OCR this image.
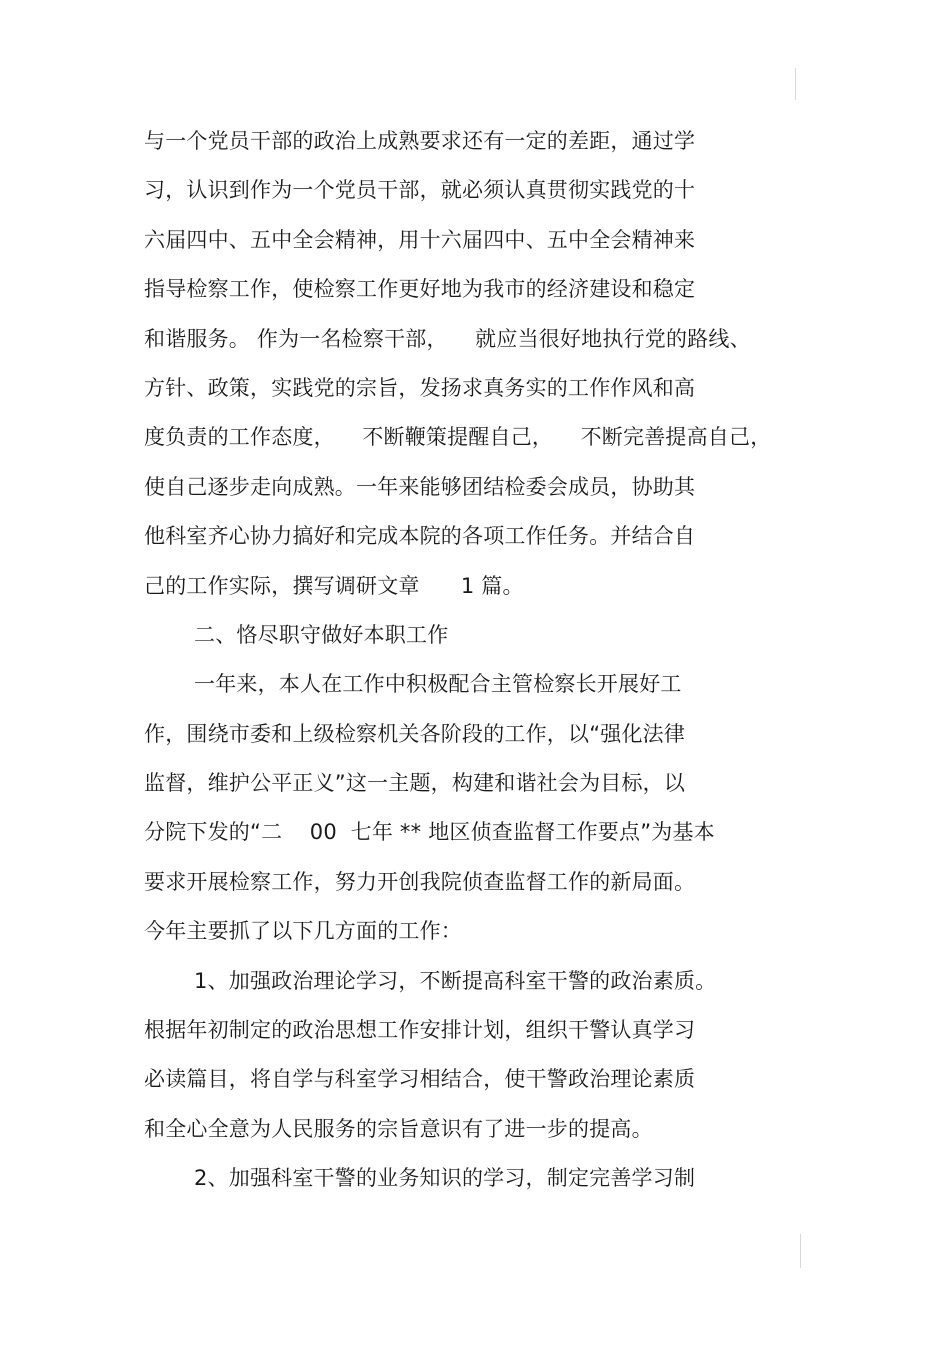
与一个党员干部的政治上成熟要求还有一定的差距，通过学
习，认识到作为一个党员干部，就必须认真贯彻实践党的十
六届四中、五中全会精神，用十六届四中、五中全会精神来
指导检察工作，使检察工作更好地为我市的经济建设和稳定
和谐服务。 作为一名检察干部，    就应当很好地执行党的路线、
方针、政策，实践党的宗旨，发扬求真务实的工作作风和高
度负责的工作态度，    不断鞭策提醒自己，    不断完善提高自己，
使自己逐步走向成熟。一年来能够团结检委会成员，协助其
他科室齐心协力搞好和完成本院的各项工作任务。并结合自
己的工作实际，撰写调研文章      1 篇。
二、恪尽职守做好本职工作
一年来，本人在工作中积极配合主管检察长开展好工
作，围绕市委和上级检察机关各阶段的工作，以“强化法律
监督，维护公平正义”这一主题，构建和谐社会为目标，以
分院下发的“二    00  七年 ** 地区侦查监督工作要点”为基本
要求开展检察工作，努力开创我院侦查监督工作的新局面。
今年主要抓了以下几方面的工作：
1、加强政治理论学习，不断提高科室干警的政治素质。
根据年初制定的政治思想工作安排计划，组织干警认真学习
必读篇目，将自学与科室学习相结合，使干警政治理论素质
和全心全意为人民服务的宗旨意识有了进一步的提高。
2、加强科室干警的业务知识的学习，制定完善学习制
